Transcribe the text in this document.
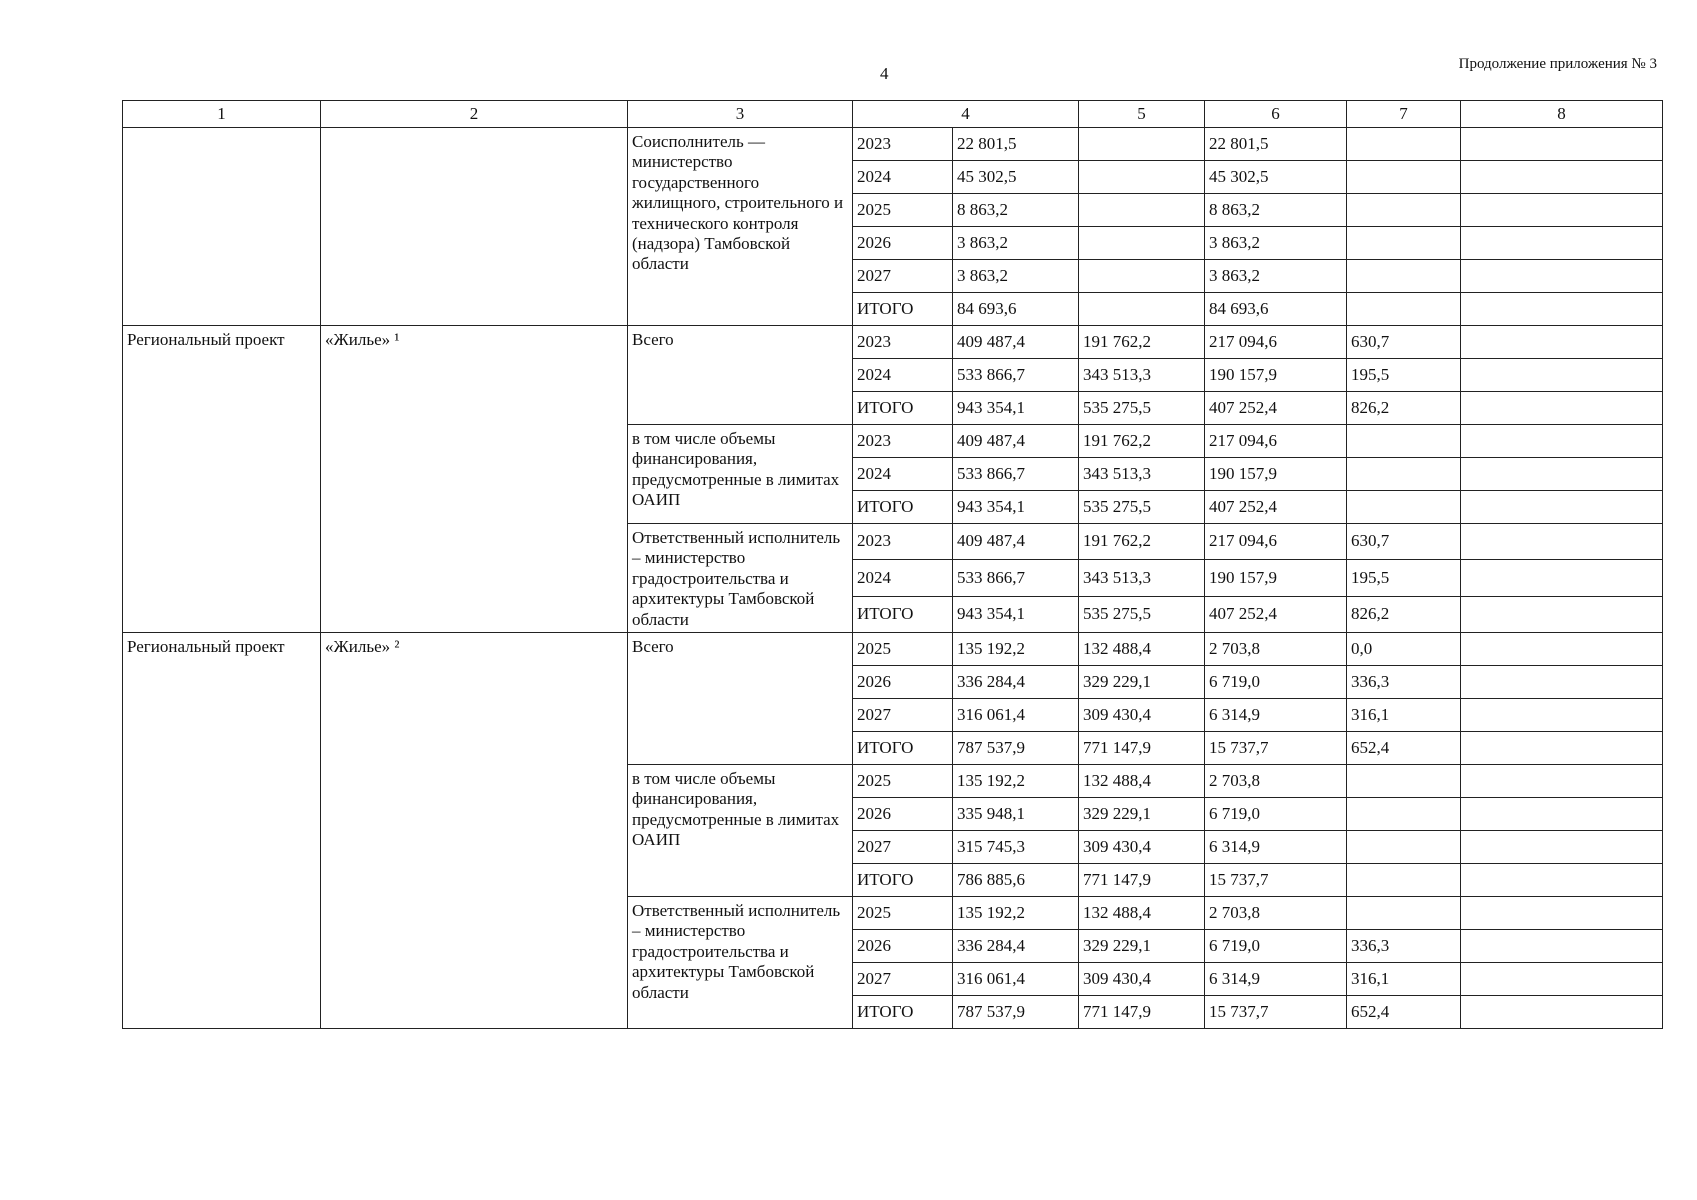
4	Продолжение приложения № 3
1	2	3	4		5	6	7	8
		Соисполнитель — министерство государственного жилищного, строительного и технического контроля (надзора) Тамбовской области	2023	22 801,5		22 801,5		
			2024	45 302,5		45 302,5		
			2025	8 863,2		8 863,2		
			2026	3 863,2		3 863,2		
			2027	3 863,2		3 863,2		
			ИТОГО	84 693,6		84 693,6		
Региональный проект	«Жилье» ¹	Всего	2023	409 487,4	191 762,2	217 094,6	630,7	
			2024	533 866,7	343 513,3	190 157,9	195,5	
			ИТОГО	943 354,1	535 275,5	407 252,4	826,2	
		в том числе объемы финансирования, предусмотренные в лимитах ОАИП	2023	409 487,4	191 762,2	217 094,6		
			2024	533 866,7	343 513,3	190 157,9		
			ИТОГО	943 354,1	535 275,5	407 252,4		
		Ответственный исполнитель – министерство градостроительства и архитектуры Тамбовской области	2023	409 487,4	191 762,2	217 094,6	630,7	
			2024	533 866,7	343 513,3	190 157,9	195,5	
			ИТОГО	943 354,1	535 275,5	407 252,4	826,2	
Региональный проект	«Жилье» ²	Всего	2025	135 192,2	132 488,4	2 703,8	0,0	
			2026	336 284,4	329 229,1	6 719,0	336,3	
			2027	316 061,4	309 430,4	6 314,9	316,1	
			ИТОГО	787 537,9	771 147,9	15 737,7	652,4	
		в том числе объемы финансирования, предусмотренные в лимитах ОАИП	2025	135 192,2	132 488,4	2 703,8		
			2026	335 948,1	329 229,1	6 719,0		
			2027	315 745,3	309 430,4	6 314,9		
			ИТОГО	786 885,6	771 147,9	15 737,7		
		Ответственный исполнитель – министерство градостроительства и архитектуры Тамбовской области	2025	135 192,2	132 488,4	2 703,8		
			2026	336 284,4	329 229,1	6 719,0	336,3	
			2027	316 061,4	309 430,4	6 314,9	316,1	
			ИТОГО	787 537,9	771 147,9	15 737,7	652,4	
